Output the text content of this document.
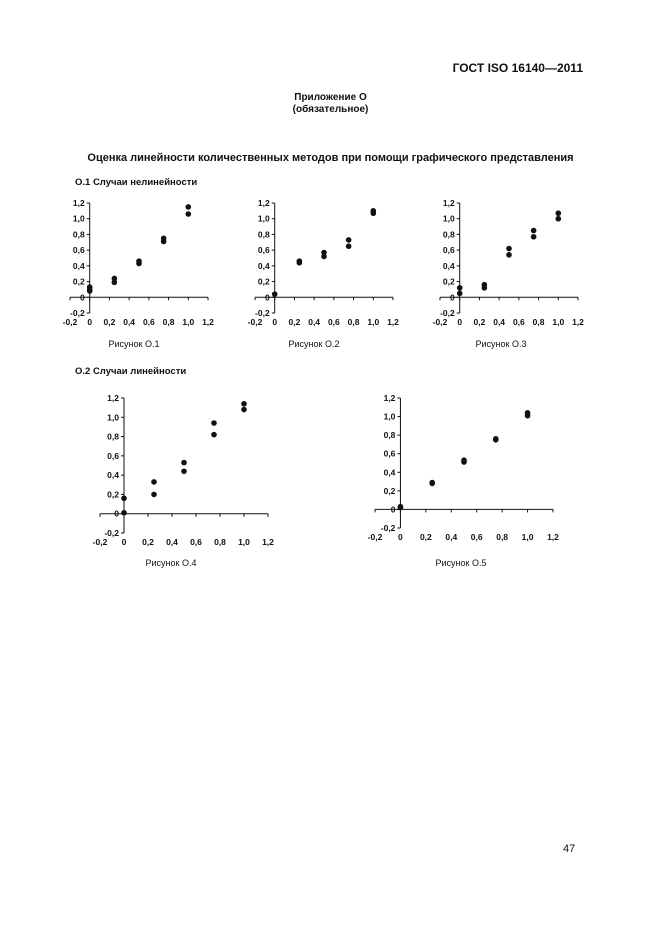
ГОСТ ISO 16140—2011
Приложение О
(обязательное)
Оценка линейности количественных методов при помощи графического представления
О.1 Случаи нелинейности
О.2 Случаи линейности
-0,2
0
0,2
0,4
0,6
0,8
1,0
1,2
-0,2 0 0,2 0,4 0,6 0,8 1,0 1,2
-0,2
0
0,2
0,4
0,6
0,8
1,0
1,2
-0,2 0 0,2 0,4 0,6 0,8 1,0 1,2
-0,2
0
0,2
0,4
0,6
0,8
1,0
1,2
-0,2 0 0,2 0,4 0,6 0,8 1,0 1,2
-0,2
0
0,2
0,4
0,6
0,8
1,0
1,2
-0,2 0 0,2 0,4 0,6 0,8 1,0 1,2
-0,2
0
0,2
0,4
0,6
0,8
1,0
1,2
-0,2 0 0,2 0,4 0,6 0,8 1,0 1,2
Рисунок О.1	Рисунок О.2	Рисунок О.3
Рисунок О.4	Рисунок О.5
47
